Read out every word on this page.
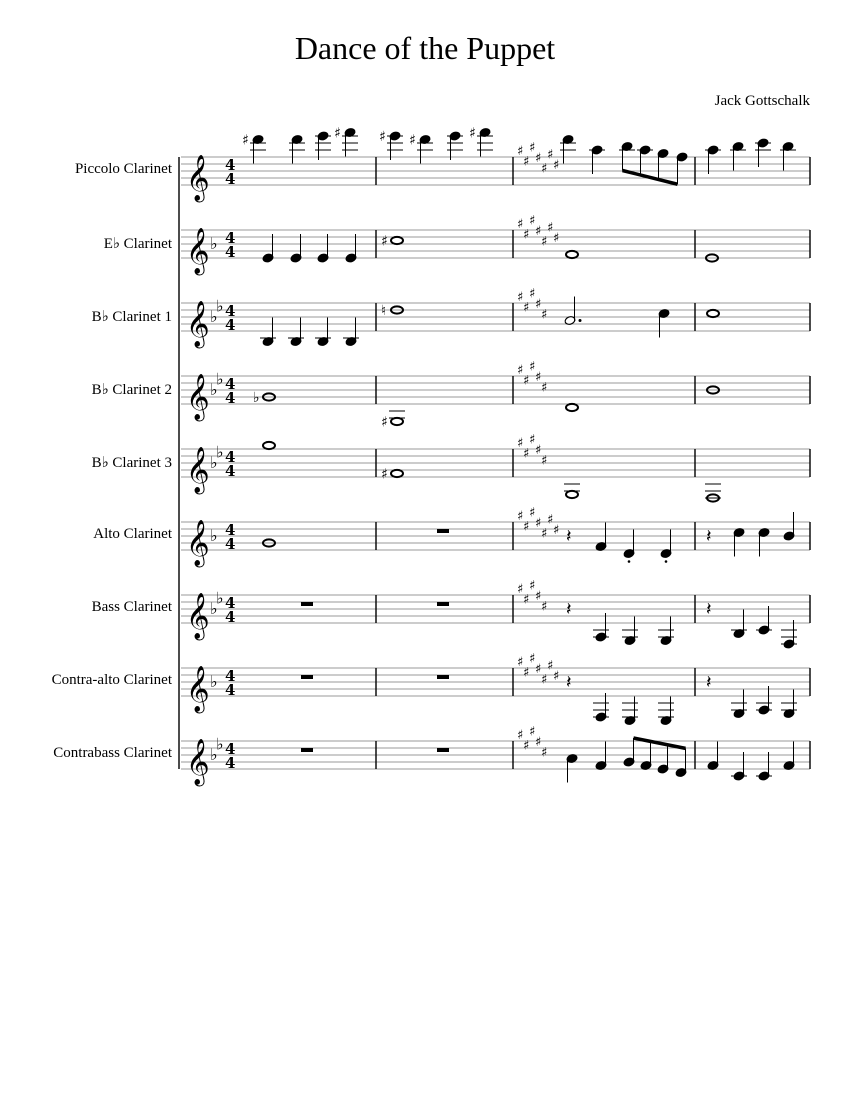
Dance of the Puppet
Jack Gottschalk
Piccolo Clarinet
E♭ Clarinet
B♭ Clarinet 1
B♭ Clarinet 2
B♭ Clarinet 3
Alto Clarinet
Bass Clarinet
Contra-alto Clarinet
Contrabass Clarinet
𝄞 4
4
♯
♯
♯
♯
♯
♯
♯
♯	♯	♯ ♯	♯
𝄞 ♭ 4
4
♯
♯
♯
♯
♯
♯
♯
♯
𝄞 ♭
♭ 4
4
♯
♯
♯
♯
♯
♮
𝄞 ♭
♭ 4
4
♯
♯
♯
♯
♯
♭
♯
𝄞 ♭
♭ 4
4
♯
♯
♯
♯
♯
♯
𝄞 ♭ 4
4
♯
♯
♯
♯
♯
♯
♯ 𝄽	𝄽
𝄞 ♭
♭ 4
4
♯
♯
♯
♯
♯ 𝄽	𝄽
𝄞 ♭ 4
4
♯
♯
♯
♯
♯
♯
♯ 𝄽	𝄽
𝄞 ♭
♭ 4
4
♯
♯
♯
♯
♯
